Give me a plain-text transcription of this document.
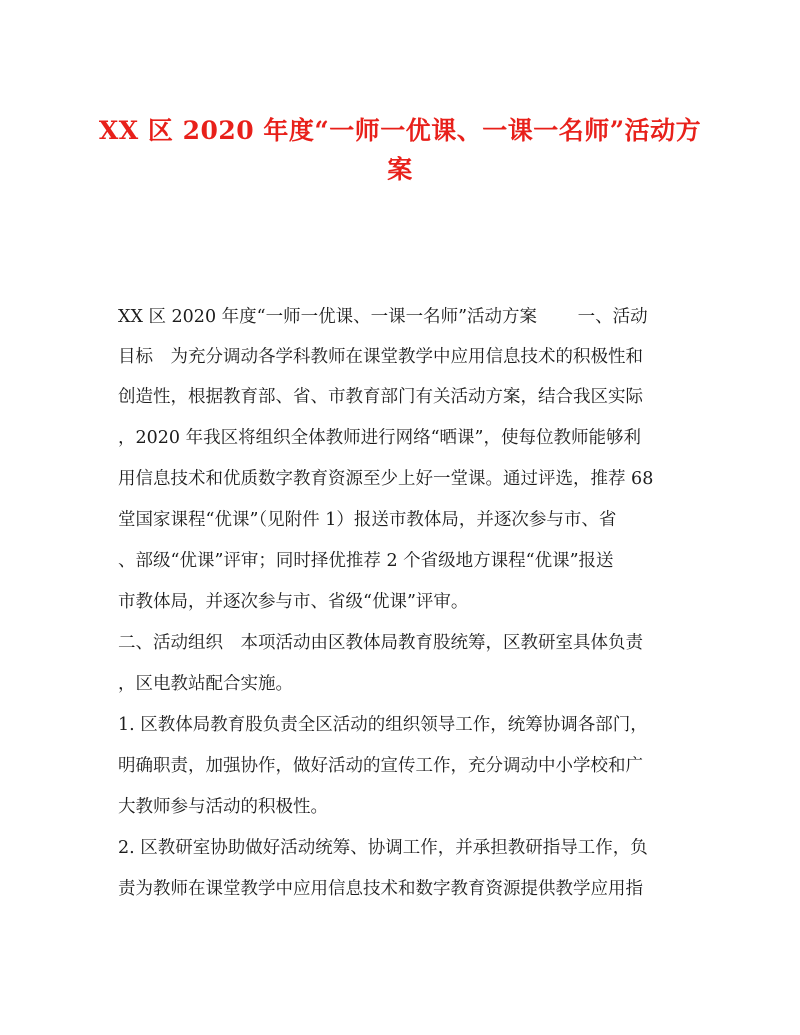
XX 区 2020 年度“一师一优课、一课一名师”活动方
案

XX 区 2020 年度“一师一优课、一课一名师”活动方案 　　一、活动

目标　为充分调动各学科教师在课堂教学中应用信息技术的积极性和

创造性，根据教育部、省、市教育部门有关活动方案，结合我区实际

，2020 年我区将组织全体教师进行网络“晒课”，使每位教师能够利

用信息技术和优质数字教育资源至少上好一堂课。通过评选，推荐 68

堂国家课程“优课”（见附件 1）报送市教体局，并逐次参与市、省

、部级“优课”评审；同时择优推荐 2 个省级地方课程“优课”报送

市教体局，并逐次参与市、省级“优课”评审。

二、活动组织　本项活动由区教体局教育股统筹，区教研室具体负责

，区电教站配合实施。

1. 区教体局教育股负责全区活动的组织领导工作，统筹协调各部门，

明确职责，加强协作，做好活动的宣传工作，充分调动中小学校和广

大教师参与活动的积极性。

2. 区教研室协助做好活动统筹、协调工作，并承担教研指导工作，负

责为教师在课堂教学中应用信息技术和数字教育资源提供教学应用指
